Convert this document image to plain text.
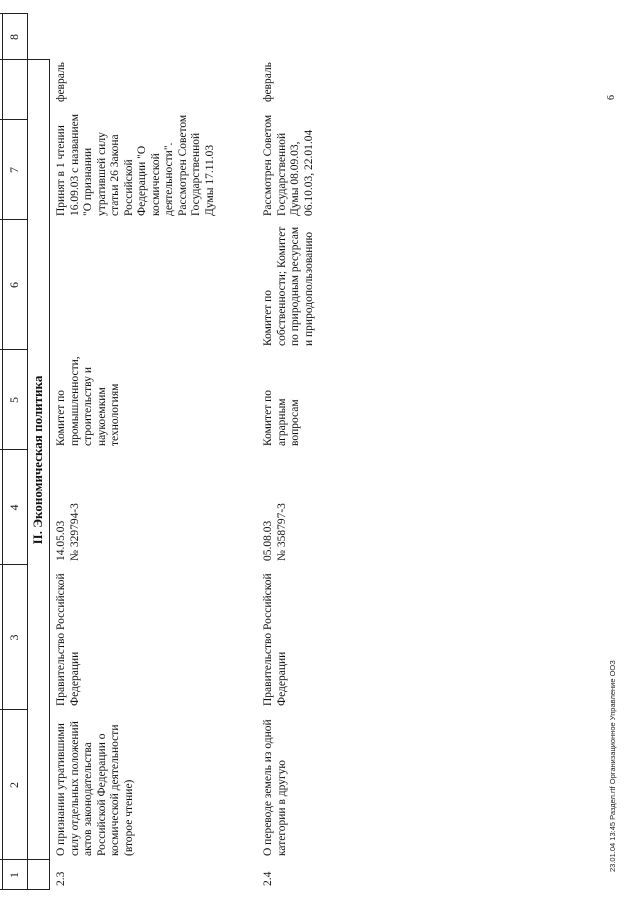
1
2
3
4
5
6
7
8
II. Экономическая политика
2.3
О признании утратившими силу отдельных положений актов законодательства Российской Федерации о космической деятельности (второе чтение)
Правительство Российской Федерации
14.05.03 № 329794-3
Комитет по промышленности, строительству и наукоемким технологиям
Принят в 1 чтении 16.09.03 с названием "О признании утратившей силу статьи 26 Закона Российской Федерации "О космической деятельности". Рассмотрен Советом Государственной Думы 17.11.03
февраль
2.4
О переводе земель из одной категории в другую
Правительство Российской Федерации
05.08.03 № 358797-3
Комитет по аграрным вопросам
Комитет по собственности; Комитет по природным ресурсам и природопользованию
Рассмотрен Советом Государственной Думы 08.09.03, 06.10.03, 22.01.04
февраль
23.01.04 13:45 Раздел.rtf Организационное Управление ООЗ
6
